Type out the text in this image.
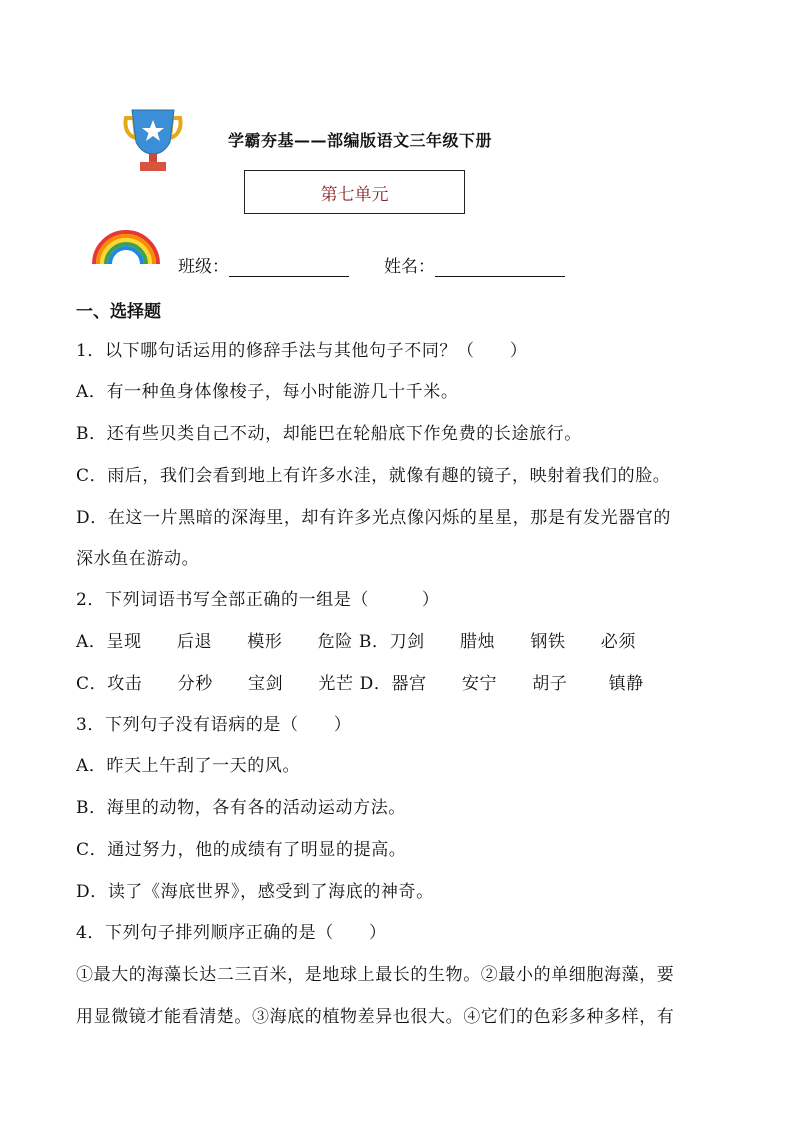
学霸夯基——部编版语文三年级下册
第七单元
班级：	姓名：
一、选择题
1．以下哪句话运用的修辞手法与其他句子不同？（　　）
A．有一种鱼身体像梭子，每小时能游几十千米。
B．还有些贝类自己不动，却能巴在轮船底下作免费的长途旅行。
C．雨后，我们会看到地上有许多水洼，就像有趣的镜子，映射着我们的脸。
D．在这一片黑暗的深海里，却有许多光点像闪烁的星星，那是有发光器官的
深水鱼在游动。
2．下列词语书写全部正确的一组是（　　　）
A．呈现　　后退　　模形　　危险 B．刀剑　　腊烛　　钢铁　　必须
C．攻击　　分秒　　宝剑　　光芒 D．器宫　　安宁　　胡子　　 镇静
3．下列句子没有语病的是（　　）
A．昨天上午刮了一天的风。
B．海里的动物，各有各的活动运动方法。
C．通过努力，他的成绩有了明显的提高。
D．读了《海底世界》，感受到了海底的神奇。
4．下列句子排列顺序正确的是（　　）
①最大的海藻长达二三百米，是地球上最长的生物。②最小的单细胞海藻，要
用显微镜才能看清楚。③海底的植物差异也很大。④它们的色彩多种多样，有
